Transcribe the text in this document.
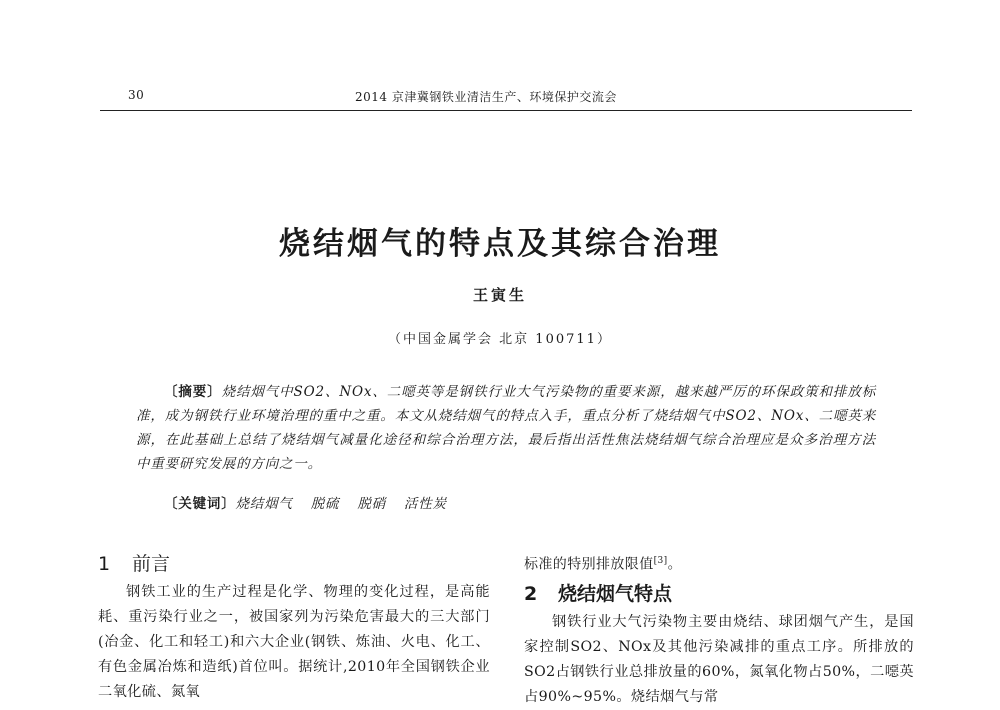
30	2014 京津冀钢铁业清洁生产、环境保护交流会
烧结烟气的特点及其综合治理
王寅生
（中国金属学会 北京 100711）

〔摘要〕烧结烟气中SO2、NOx、二噁英等是钢铁行业大气污染物的重要来源，越来越严厉的环保政策和排放标准，成为钢铁行业环境治理的重中之重。本文从烧结烟气的特点入手，重点分析了烧结烟气中SO2、NOx、二噁英来源，在此基础上总结了烧结烟气减量化途径和综合治理方法，最后指出活性焦法烧结烟气综合治理应是众多治理方法中重要研究发展的方向之一。

〔关键词〕烧结烟气 脱硫 脱硝 活性炭
1 前言

钢铁工业的生产过程是化学、物理的变化过程，是高能耗、重污染行业之一，被国家列为污染危害最大的三大部门(冶金、化工和轻工)和六大企业(钢铁、炼油、火电、化工、有色金属冶炼和造纸)首位叫。据统计,2010年全国钢铁企业二氧化硫、氮氧

标准的特别排放限值[3]。

2 烧结烟气特点

钢铁行业大气污染物主要由烧结、球团烟气产生，是国家控制SO2、NOx及其他污染减排的重点工序。所排放的SO2占钢铁行业总排放量的60%，氮氧化物占50%，二噁英占90%~95%。烧结烟气与常
